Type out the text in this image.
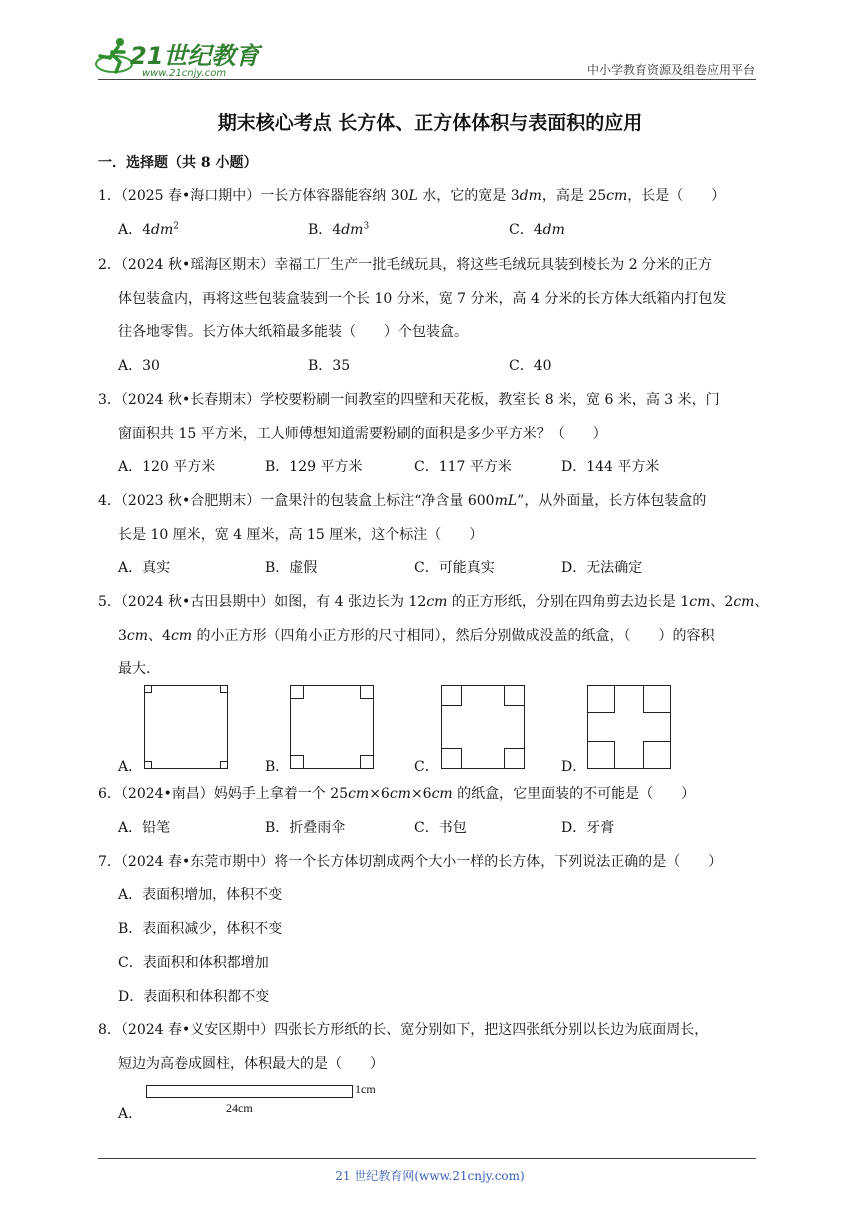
21世纪教育
www.21cnjy.com	中小学教育资源及组卷应用平台
期末核心考点 长方体、正方体体积与表面积的应用
一．选择题（共 8 小题）
1．（2025 春•海口期中）一长方体容器能容纳 30L 水，它的宽是 3dm，高是 25cm，长是（　　）
A．$4dm^2$	B．$4dm^3$	C．4dm
2．（2024 秋•瑶海区期末）幸福工厂生产一批毛绒玩具，将这些毛绒玩具装到棱长为 2 分米的正方
体包装盒内，再将这些包装盒装到一个长 10 分米，宽 7 分米，高 4 分米的长方体大纸箱内打包发
往各地零售。长方体大纸箱最多能装（　　）个包装盒。
A．30	B．35	C．40
3．（2024 秋•长春期末）学校要粉刷一间教室的四壁和天花板，教室长 8 米，宽 6 米，高 3 米，门
窗面积共 15 平方米，工人师傅想知道需要粉刷的面积是多少平方米？（　　）
A．120 平方米	B．129 平方米	C．117 平方米	D．144 平方米
4．（2023 秋•合肥期末）一盒果汁的包装盒上标注“净含量 600mL”，从外面量，长方体包装盒的
长是 10 厘米，宽 4 厘米，高 15 厘米，这个标注（　　）
A．真实	B．虚假	C．可能真实	D．无法确定
5．（2024 秋•古田县期中）如图，有 4 张边长为 12cm 的正方形纸，分别在四角剪去边长是 1cm、2cm、
3cm、4cm 的小正方形（四角小正方形的尺寸相同），然后分别做成没盖的纸盒，（　　）的容积
最大.
A．	B．	C．	D．
6．（2024•南昌）妈妈手上拿着一个 25cm×6cm×6cm 的纸盒，它里面装的不可能是（　　）
A．铅笔	B．折叠雨伞	C．书包	D．牙膏
7．（2024 春•东莞市期中）将一个长方体切割成两个大小一样的长方体，下列说法正确的是（　　）
A．表面积增加，体积不变
B．表面积减少，体积不变
C．表面积和体积都增加
D．表面积和体积都不变
8．（2024 春•义安区期中）四张长方形纸的长、宽分别如下，把这四张纸分别以长边为底面周长，
短边为高卷成圆柱，体积最大的是（　　）
A．
1cm
24cm
21 世纪教育网(www.21cnjy.com)
